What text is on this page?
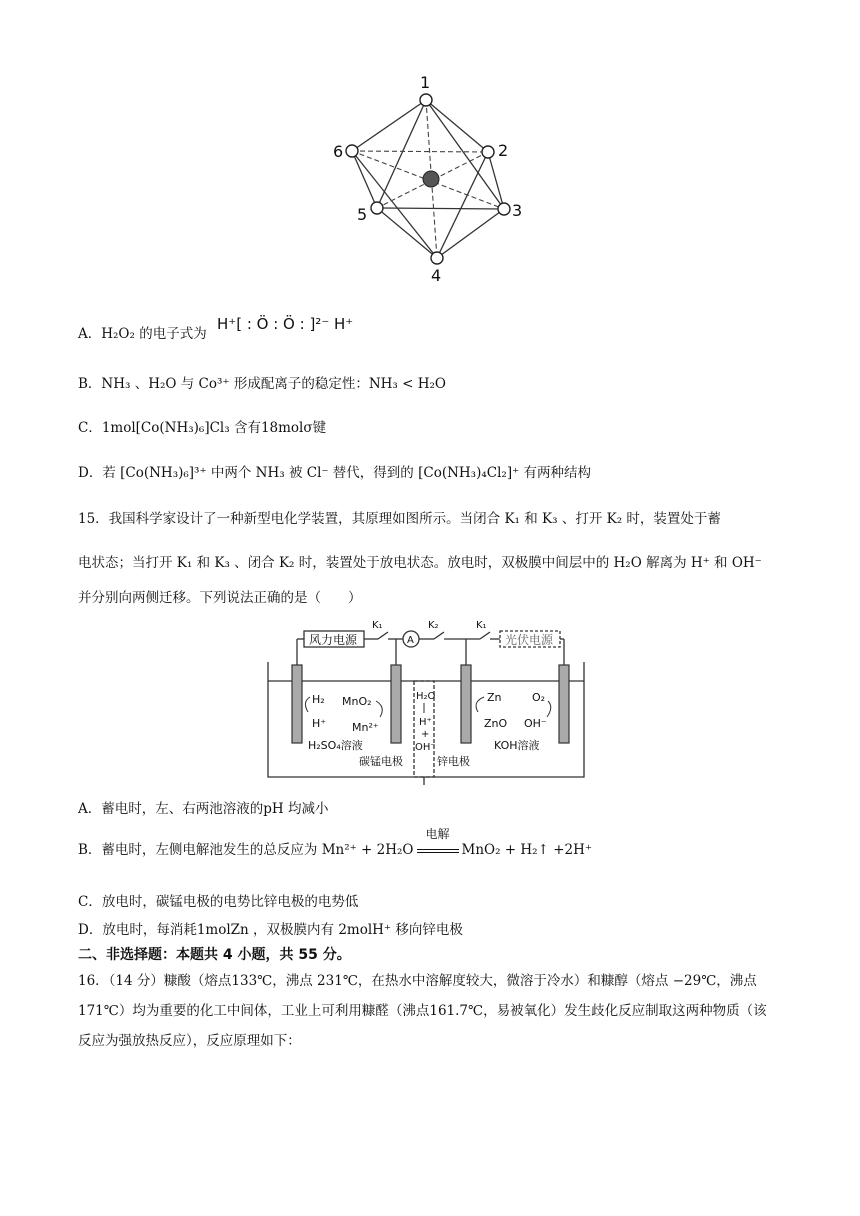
1
2
3
4
5
6
A．H₂O₂ 的电子式为 H⁺[ : Ö : Ö : ]²⁻ H⁺
B．NH₃ 、H₂O 与 Co³⁺ 形成配离子的稳定性：NH₃ < H₂O
C．1mol[Co(NH₃)₆]Cl₃ 含有18molσ键
D．若 [Co(NH₃)₆]³⁺ 中两个 NH₃ 被 Cl⁻ 替代，得到的 [Co(NH₃)₄Cl₂]⁺ 有两种结构
15．我国科学家设计了一种新型电化学装置，其原理如图所示。当闭合 K₁ 和 K₃ 、打开 K₂ 时，装置处于蓄
电状态；当打开 K₁ 和 K₃ 、闭合 K₂ 时，装置处于放电状态。放电时，双极膜中间层中的 H₂O 解离为 H⁺ 和 OH⁻
并分别向两侧迁移。下列说法正确的是（　　）
风力电源	光伏电源
K₁
A
K₂	K₁
H₂ MnO₂
H⁺ Mn²⁺
H₂SO₄溶液
H₂O
H⁺
+
OH⁻
Zn
ZnO
O₂
OH⁻
KOH溶液
碳锰电极	锌电极
A．蓄电时，左、右两池溶液的pH 均减小
B．蓄电时，左侧电解池发生的总反应为 Mn²⁺ + 2H₂O
电解
MnO₂ + H₂↑ +2H⁺
C．放电时，碳锰电极的电势比锌电极的电势低
D．放电时，每消耗1molZn ，双极膜内有 2molH⁺ 移向锌电极
二、非选择题：本题共 4 小题，共 55 分。
16．（14 分）糠酸（熔点133℃，沸点 231℃，在热水中溶解度较大，微溶于冷水）和糠醇（熔点 −29℃，沸点171℃）均为重要的化工中间体，工业上可利用糠醛（沸点161.7℃，易被氧化）发生歧化反应制取这两种物质（该反应为强放热反应），反应原理如下：
